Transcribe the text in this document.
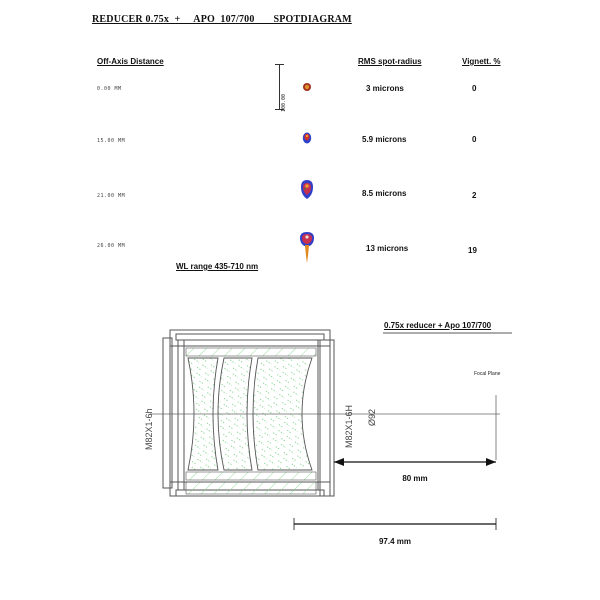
REDUCER 0.75x  +     APO  107/700       SPOTDIAGRAM
Off-Axis Distance	RMS spot-radius	Vignett. %
100.00
0.00 MM	3 microns	0
15.00 MM	5.9 microns	0
21.00 MM	8.5 microns	2
26.00 MM	13 microns	19
WL range 435-710 nm
M82X1-6h	M82X1-6H Ø92
80 mm
97.4 mm
0.75x reducer + Apo 107/700
Focal Plane
